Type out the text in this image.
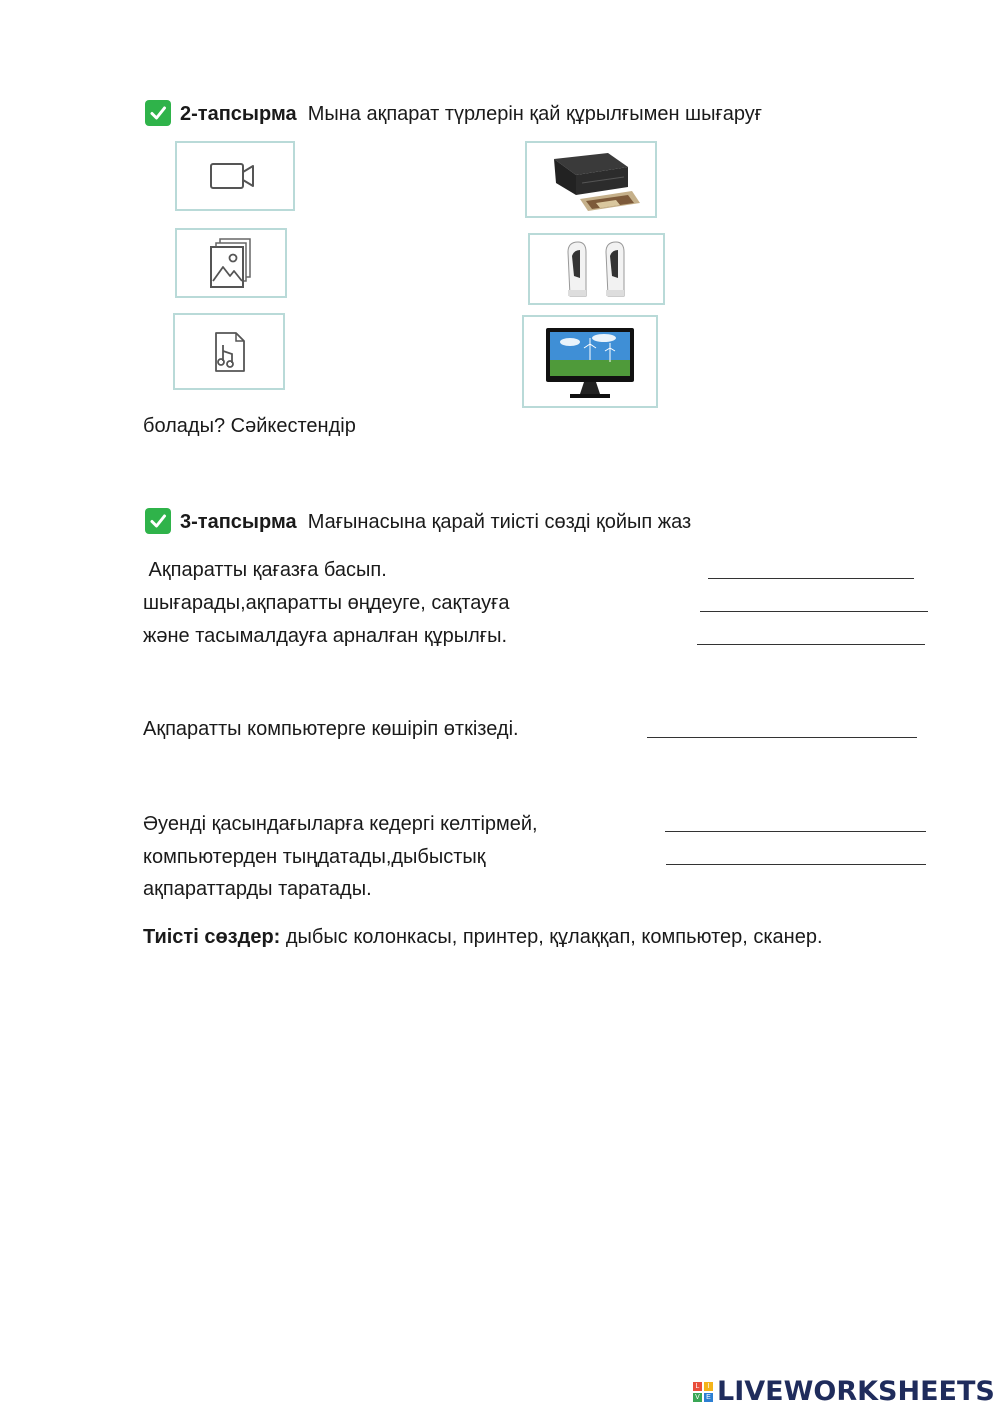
2-тапсырма Мына ақпарат түрлерін қай құрылғымен шығаруғ
болады? Сәйкестендір
3-тапсырма Мағынасына қарай тиісті сөзді қойып жаз
Ақпаратты қағазға басып.
шығарады,ақпаратты өңдеуге, сақтауға
және тасымалдауға арналған құрылғы.
Ақпаратты компьютерге көшіріп өткізеді.
Әуенді қасындағыларға кедергі келтірмей,
компьютерден тыңдатады,дыбыстық
ақпараттарды таратады.
Тиісті сөздер: дыбыс колонкасы, принтер, құлаққап, компьютер, сканер.
L	I
V E LIVEWORKSHEETS
